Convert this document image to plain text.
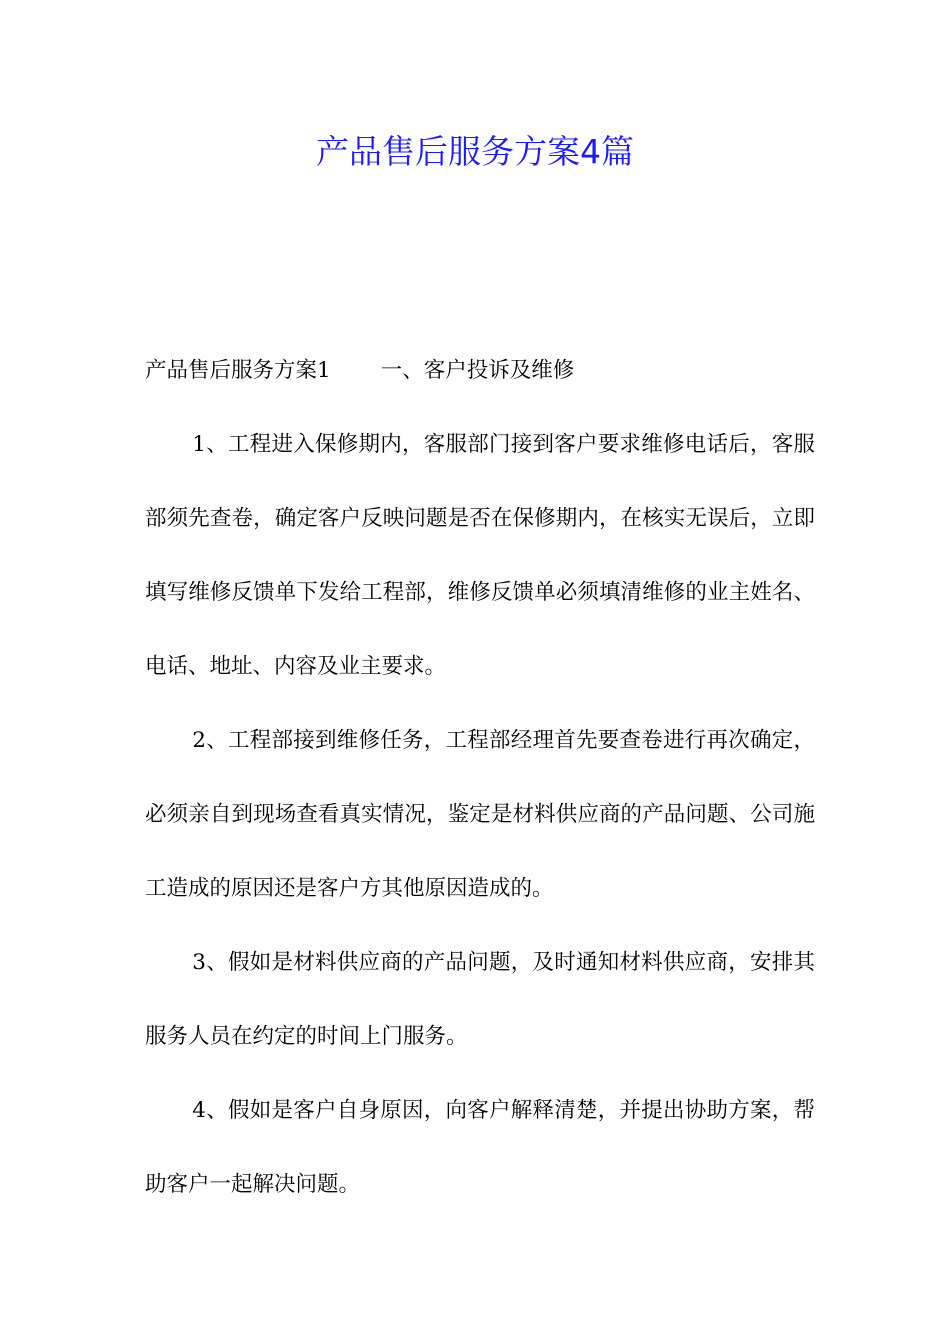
产品售后服务方案4篇

产品售后服务方案1 一、客户投诉及维修

1、工程进入保修期内，客服部门接到客户要求维修电话后，客服部须先查卷，确定客户反映问题是否在保修期内，在核实无误后，立即填写维修反馈单下发给工程部，维修反馈单必须填清维修的业主姓名、电话、地址、内容及业主要求。

2、工程部接到维修任务，工程部经理首先要查卷进行再次确定，必须亲自到现场查看真实情况，鉴定是材料供应商的产品问题、公司施工造成的原因还是客户方其他原因造成的。

3、假如是材料供应商的产品问题，及时通知材料供应商，安排其服务人员在约定的时间上门服务。

4、假如是客户自身原因，向客户解释清楚，并提出协助方案，帮助客户一起解决问题。
